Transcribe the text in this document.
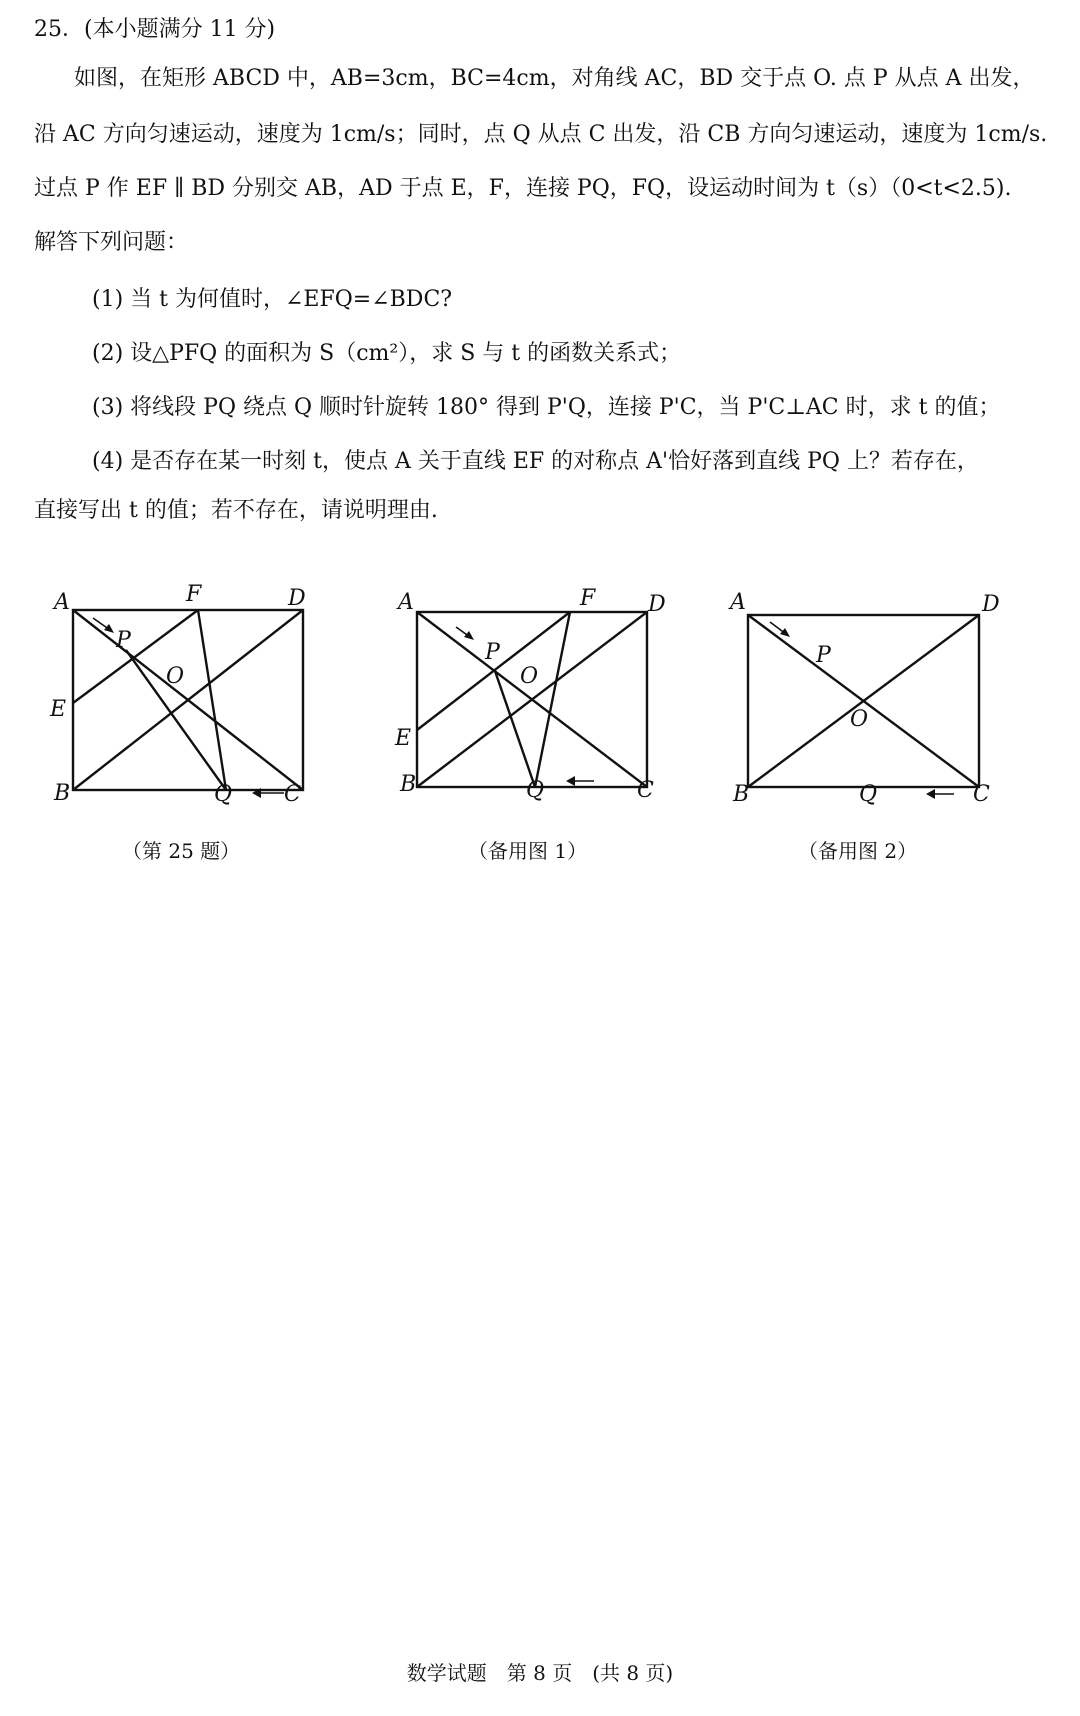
25．(本小题满分 11 分)
如图，在矩形 ABCD 中，AB=3cm，BC=4cm，对角线 AC，BD 交于点 O. 点 P 从点 A 出发，
沿 AC 方向匀速运动，速度为 1cm/s；同时，点 Q 从点 C 出发，沿 CB 方向匀速运动，速度为 1cm/s.
过点 P 作 EF ∥ BD 分别交 AB，AD 于点 E，F，连接 PQ，FQ，设运动时间为 t（s）（0<t<2.5).
解答下列问题：
(1) 当 t 为何值时，∠EFQ=∠BDC?
(2) 设△PFQ 的面积为 S（cm²），求 S 与 t 的函数关系式；
(3) 将线段 PQ 绕点 Q 顺时针旋转 180° 得到 P'Q，连接 P'C，当 P'C⊥AC 时，求 t 的值；
(4) 是否存在某一时刻 t，使点 A 关于直线 EF 的对称点 A'恰好落到直线 PQ 上？若存在，
直接写出 t 的值；若不存在，请说明理由.
A	D
B	C
F
E
P
O
Q
（第 25 题）
A	D
B	C
F
E
P
O
Q
（备用图 1）
A	D
B	C
P
O
Q
（备用图 2）
数学试题　第 8 页　(共 8 页)
